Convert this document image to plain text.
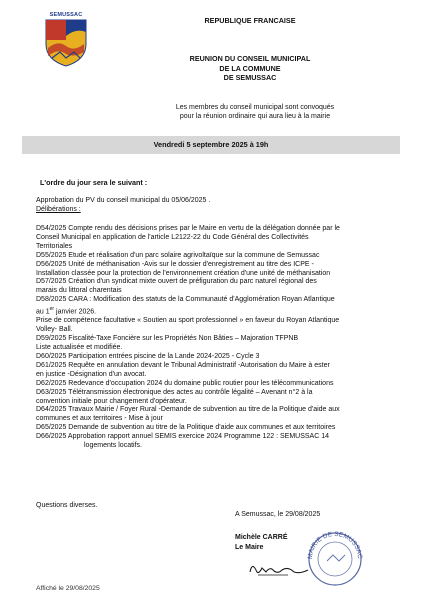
SEMUSSAC
REPUBLIQUE FRANCAISE
REUNION DU CONSEIL MUNICIPAL
DE LA COMMUNE
DE SEMUSSAC
Les membres du conseil municipal sont convoqués
pour la réunion ordinaire qui aura lieu à la mairie
Vendredi 5 septembre 2025 à 19h
L'ordre du jour sera le suivant :
Approbation du PV du conseil municipal du 05/06/2025 .
Délibérations :
D54/2025 Compte rendu des décisions prises par le Maire en vertu de la délégation donnée par le
Conseil Municipal en application de l'article L2122-22 du Code Général des Collectivités
Territoriales
D55/2025 Etude et réalisation d'un parc solaire agrivoltaïque sur la commune de Semussac
D56/2025 Unité de méthanisation -Avis sur le dossier d'enregistrement au titre des ICPE -
Installation classée pour la protection de l'environnement création d'une unité de méthanisation
D57/2025 Création d'un syndicat mixte ouvert de préfiguration du parc naturel régional des
marais du littoral charentais
D58/2025 CARA : Modification des statuts de la Communauté d'Agglomération Royan Atlantique
au 1er janvier 2026.
Prise de compétence facultative « Soutien au sport professionnel » en faveur du Royan Atlantique
Volley- Ball.
D59/2025 Fiscalité-Taxe Foncière sur les Propriétés Non Bâties – Majoration TFPNB
Liste actualisée et modifiée.
D60/2025 Participation entrées piscine de la Lande 2024-2025 - Cycle 3
D61/2025 Requête en annulation devant le Tribunal Administratif -Autorisation du Maire à ester
en justice -Désignation d'un avocat.
D62/2025 Redevance d'occupation 2024 du domaine public routier pour les télécommunications
D63/2025 Télétransmission électronique des actes au contrôle légalité – Avenant n°2 à la
convention initiale pour changement d'opérateur.
D64/2025 Travaux Mairie / Foyer Rural -Demande de subvention au titre de la Politique d'aide aux
communes et aux territoires - Mise à jour
D65/2025 Demande de subvention au titre de la Politique d'aide aux communes et aux territoires
D66/2025 Approbation rapport annuel SEMIS exercice 2024 Programme 122 : SEMUSSAC 14
logements locatifs.
Questions diverses.
A Semussac, le 29/08/2025
Michèle CARRÉ
Le Maire
MAIRIE DE SEMUSSAC
Affiché le 29/08/2025
